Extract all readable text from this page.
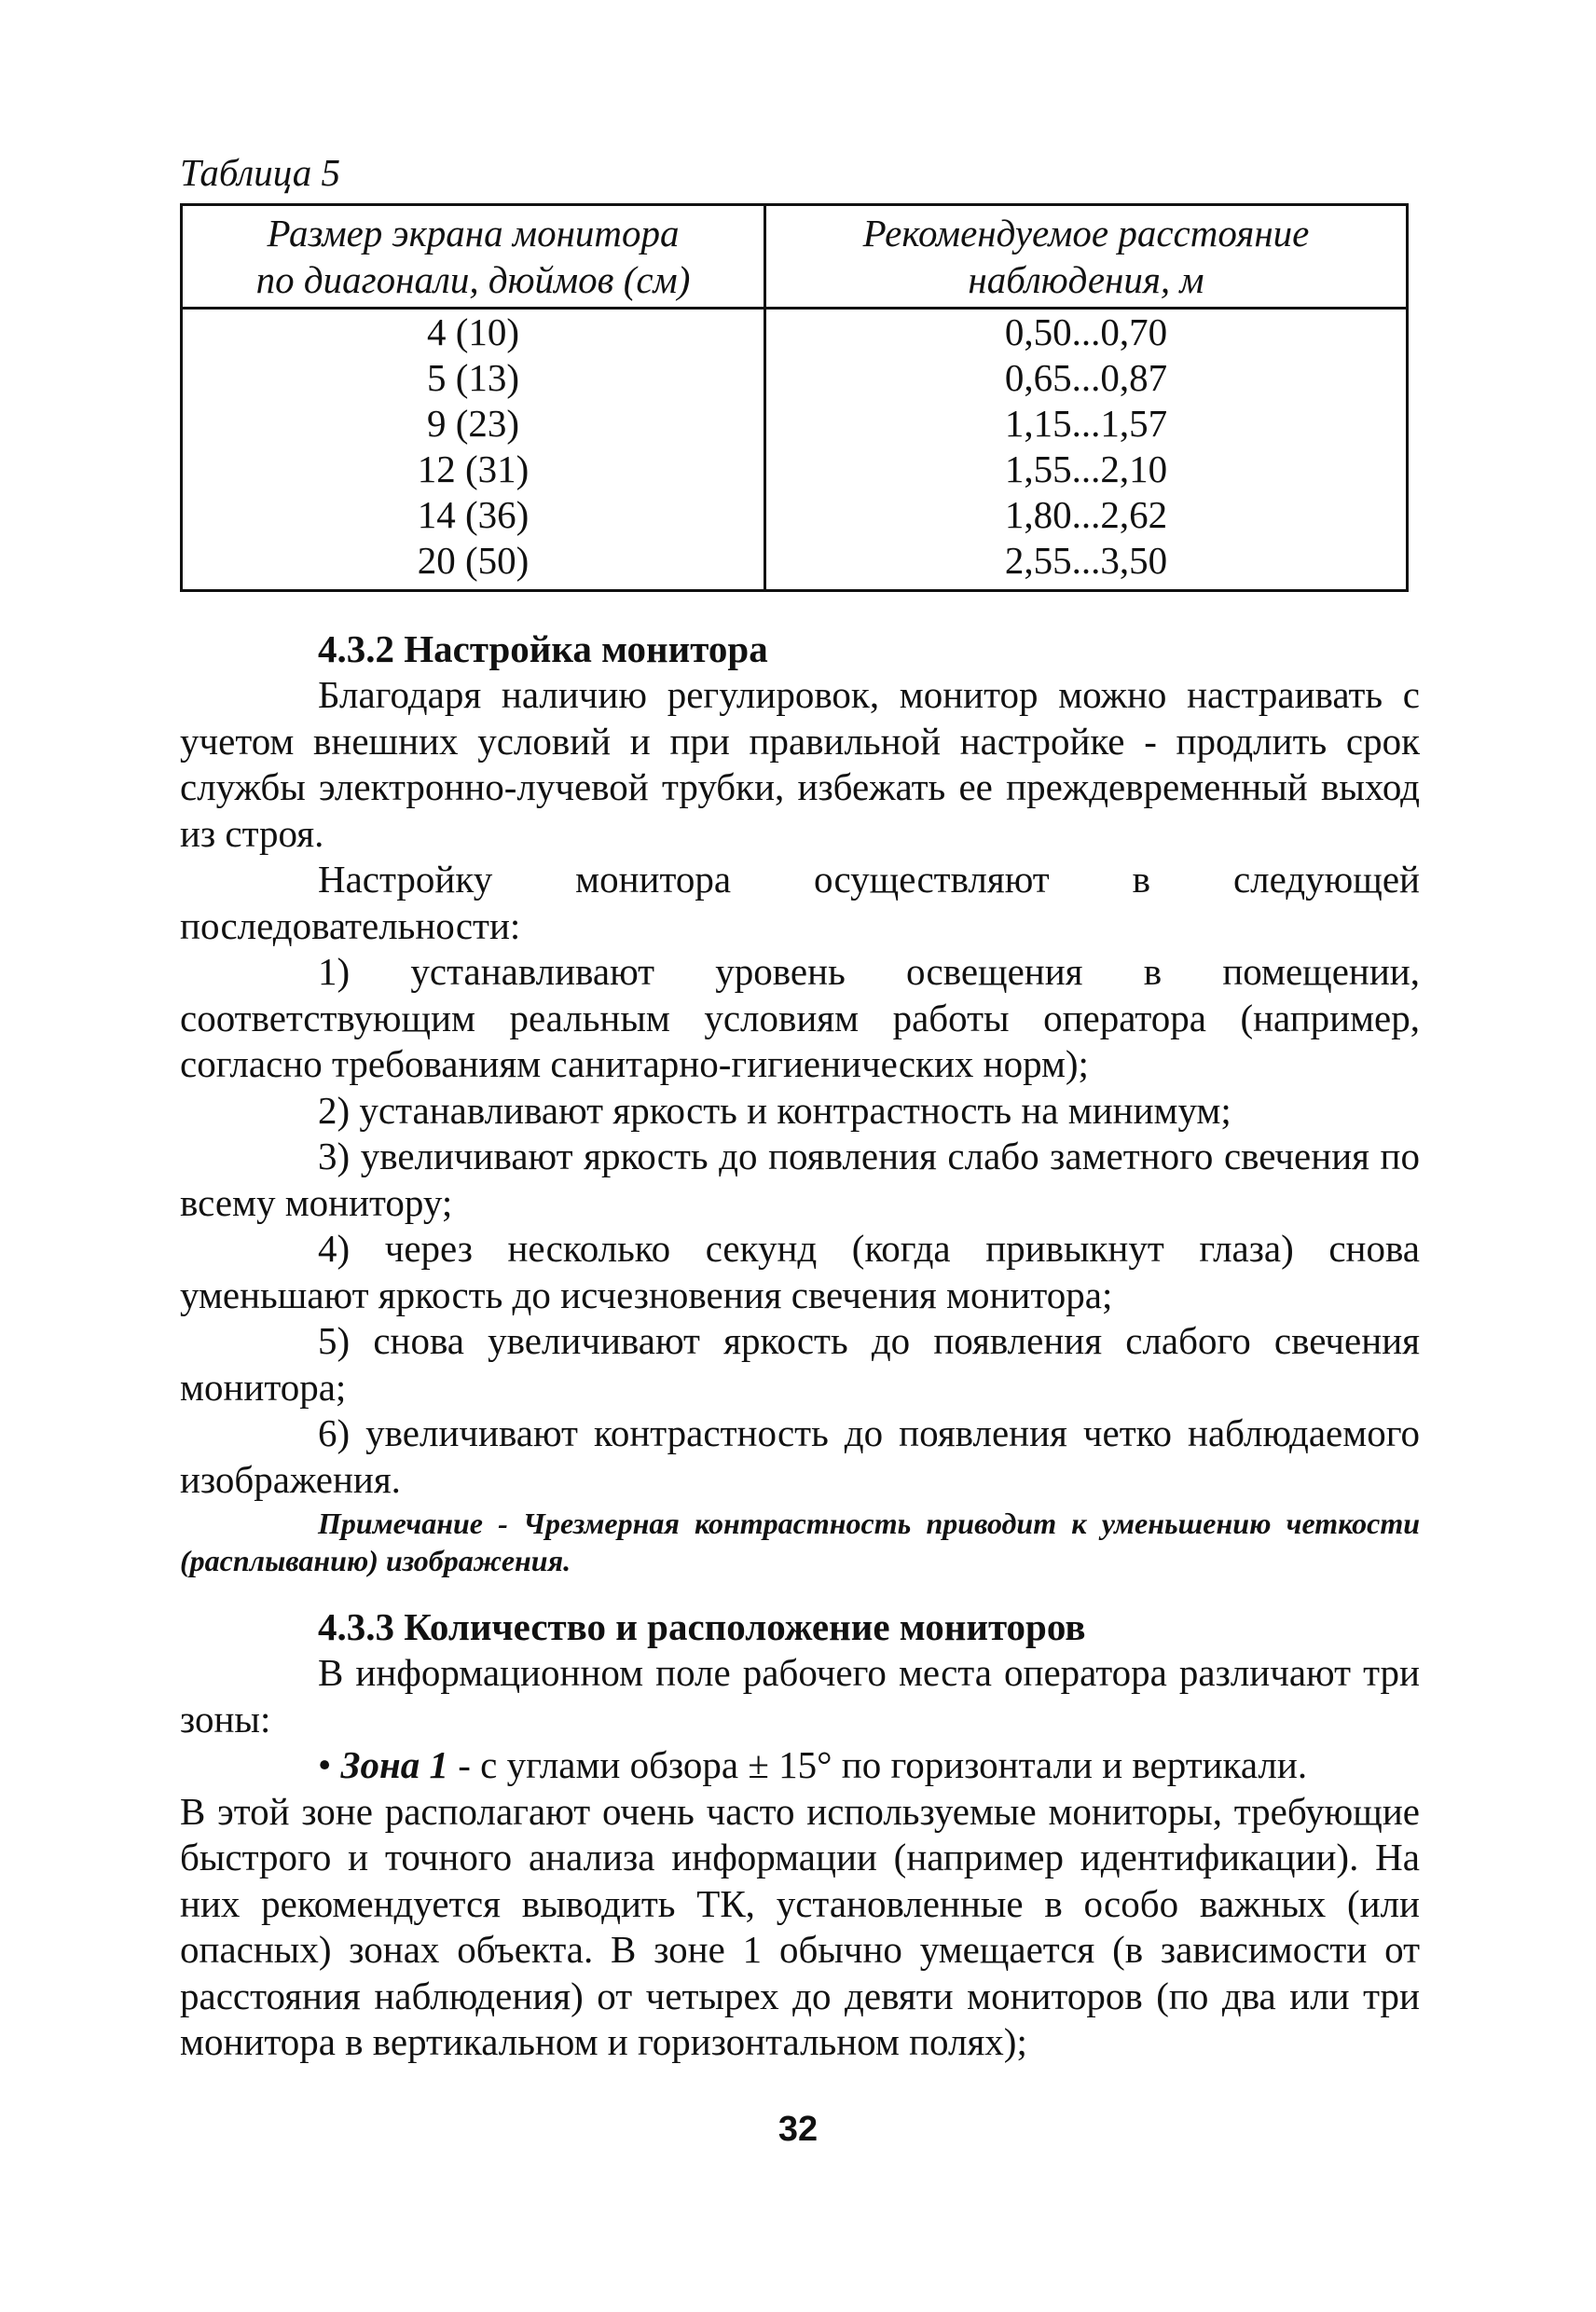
Таблица 5

Размер экрана монитора
по диагонали, дюймов (см)	Рекомендуемое расстояние
наблюдения, м
4 (10)	0,50...0,70
5 (13)	0,65...0,87
9 (23)	1,15...1,57
12 (31)	1,55...2,10
14 (36)	1,80...2,62
20 (50)	2,55...3,50
4.3.2 Настройка монитора

Благодаря наличию регулировок, монитор можно настраивать с учетом внешних условий и при правильной настройке - продлить срок службы электронно-лучевой трубки, избежать ее преждевременный выход из строя.

Настройку монитора осуществляют в следующей последовательности:

1) устанавливают уровень освещения в помещении, соответствующим реальным условиям работы оператора (например, согласно требованиям санитарно-гигиенических норм);

2) устанавливают яркость и контрастность на минимум;

3) увеличивают яркость до появления слабо заметного свечения по всему монитору;

4) через несколько секунд (когда привыкнут глаза) снова уменьшают яркость до исчезновения свечения монитора;

5) снова увеличивают яркость до появления слабого свечения монитора;

6) увеличивают контрастность до появления четко наблюдаемого изображения.

Примечание - Чрезмерная контрастность приводит к уменьшению четкости (расплыванию) изображения.

4.3.3 Количество и расположение мониторов

В информационном поле рабочего места оператора различают три зоны:

• Зона 1 - с углами обзора ± 15° по горизонтали и вертикали.

В этой зоне располагают очень часто используемые мониторы, требующие быстрого и точного анализа информации (например идентификации). На них рекомендуется выводить ТК, установленные в особо важных (или опасных) зонах объекта. В зоне 1 обычно умещается (в зависимости от расстояния наблюдения) от четырех до девяти мониторов (по два или три монитора в вертикальном и горизонтальном полях);

32
